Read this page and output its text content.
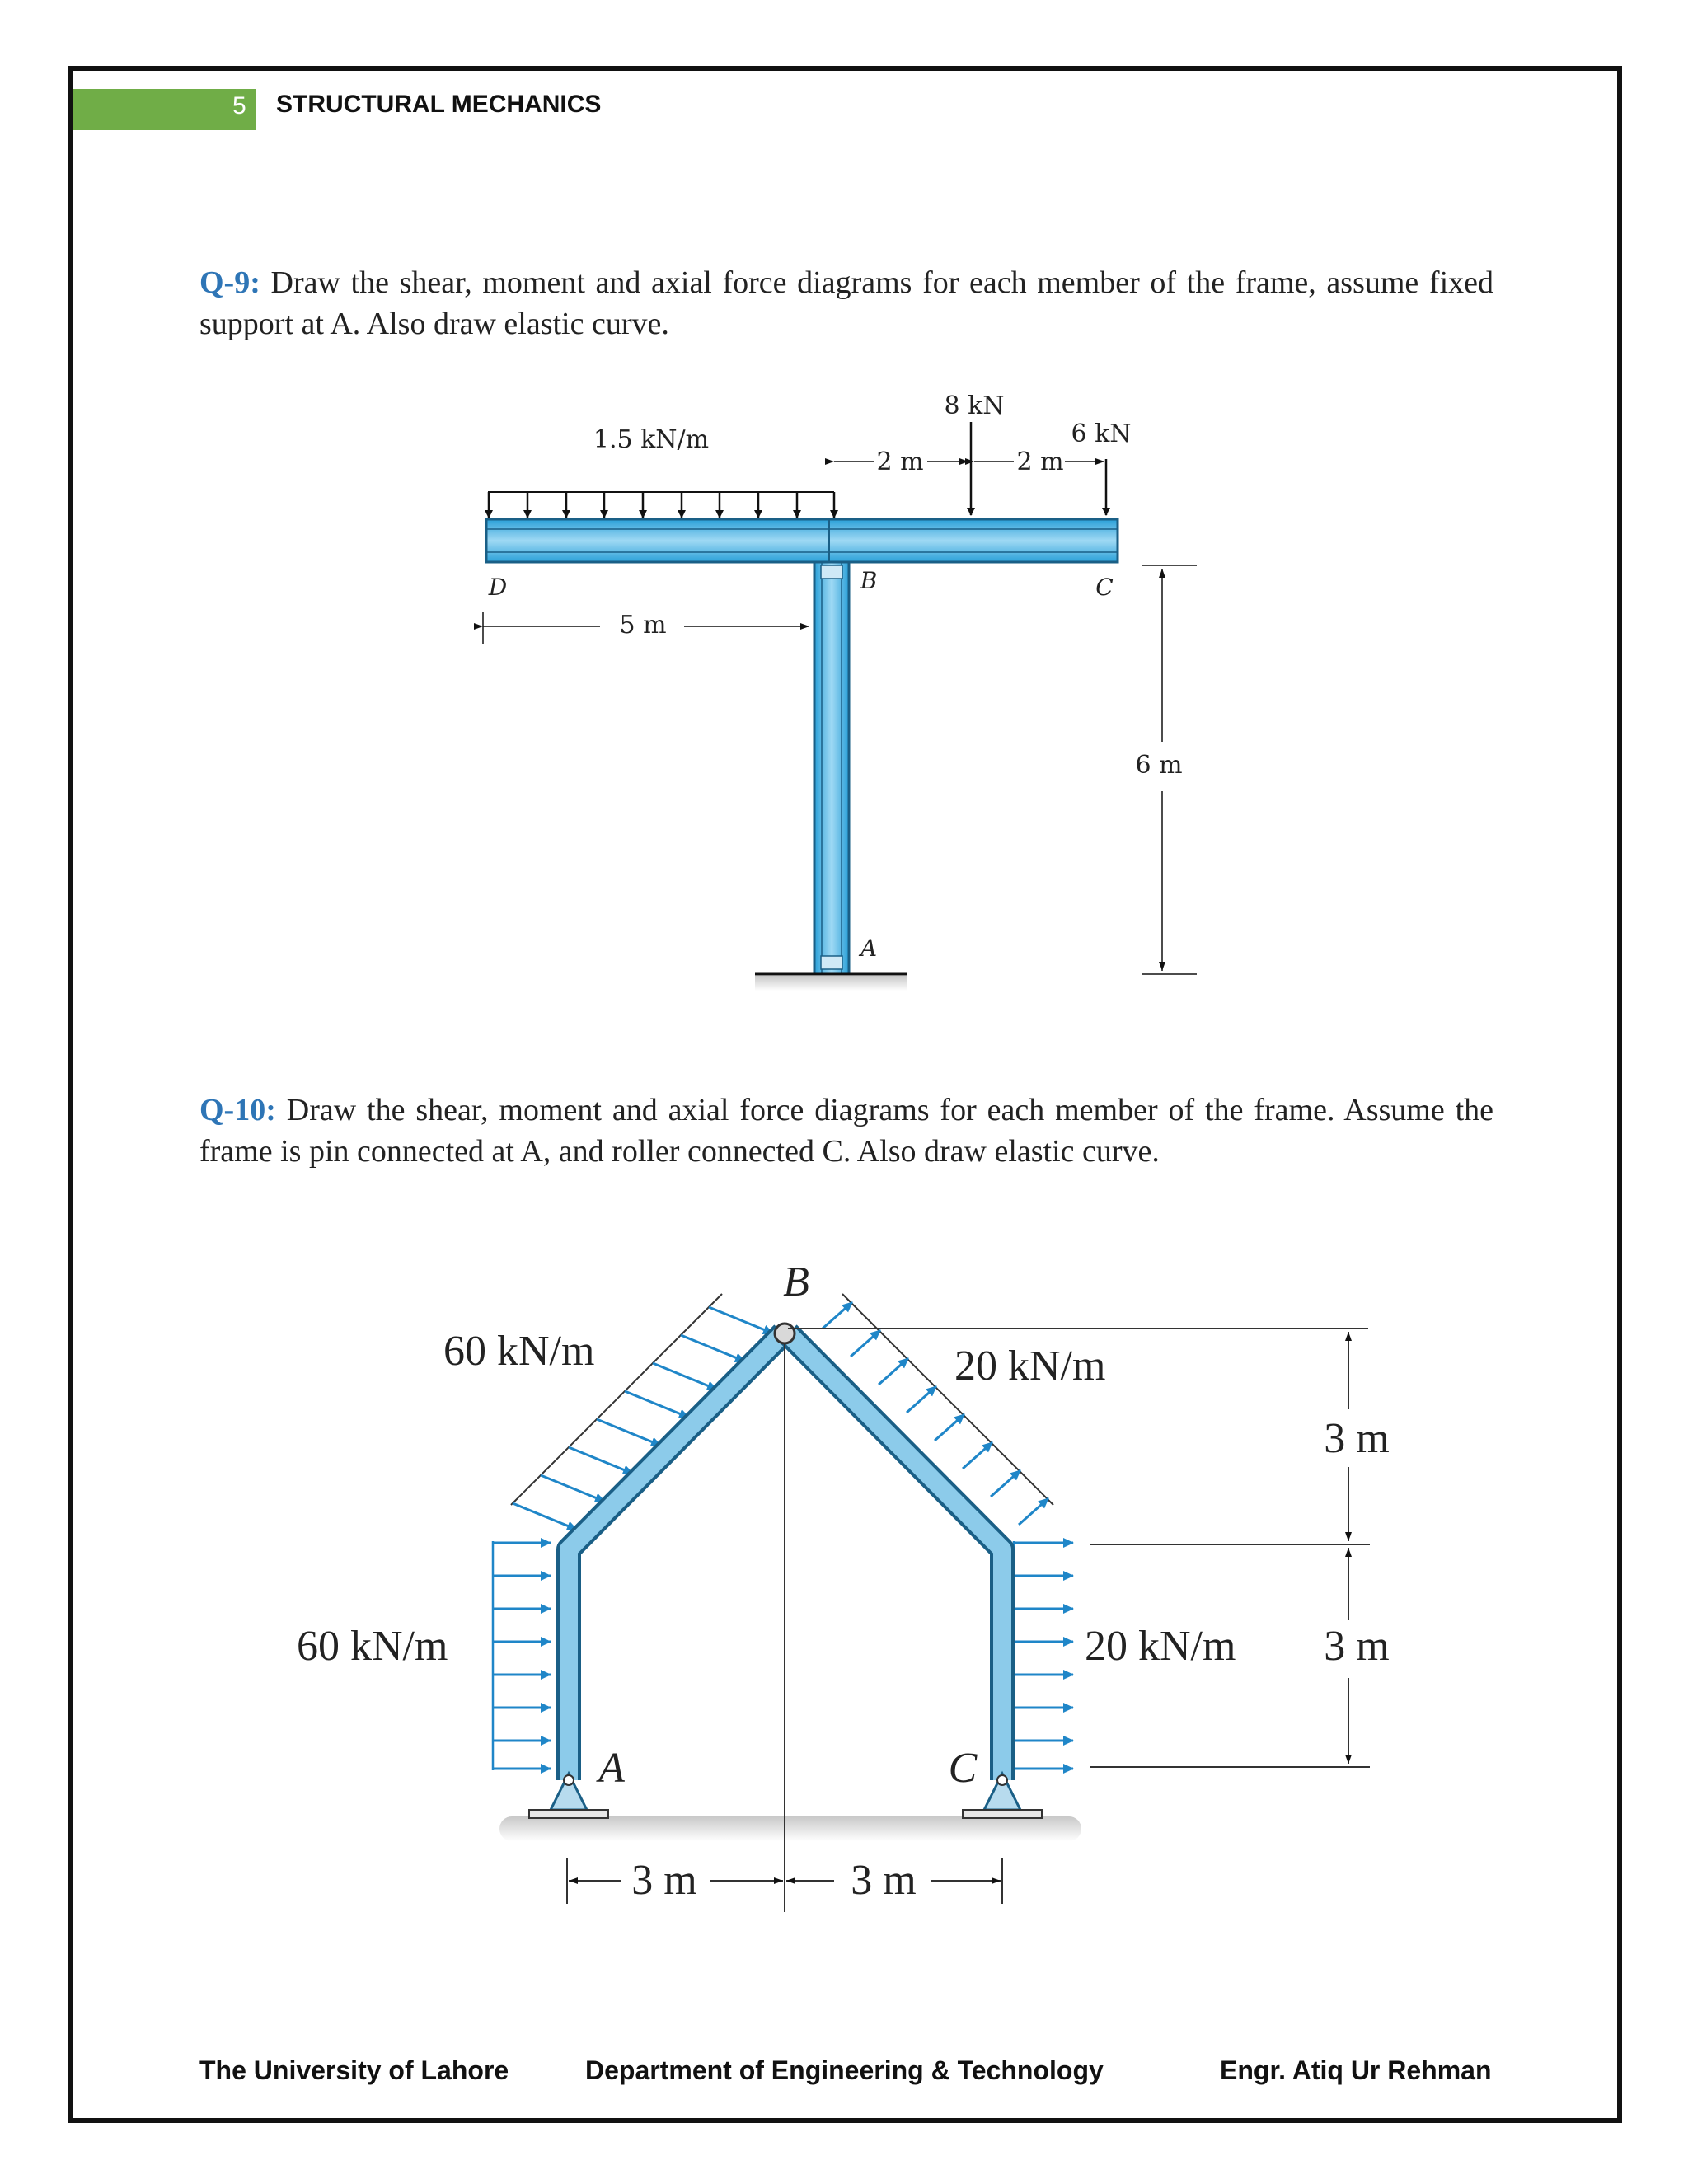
5 STRUCTURAL MECHANICS
Q-9: Draw the shear, moment and axial force diagrams for each member of the frame, assume fixed support at A. Also draw elastic curve.
Q-10: Draw the shear, moment and axial force diagrams for each member of the frame. Assume the frame is pin connected at A, and roller connected C. Also draw elastic curve.
1.5 kN/m
8 kN
6 kN
2 m	2 m
D	B	C
A
5 m
6 m
B
A	C
60 kN/m	20 kN/m
60 kN/m	20 kN/m
3 m
3 m
3 m	3 m
The University of Lahore	Department of Engineering & Technology	Engr. Atiq Ur Rehman
